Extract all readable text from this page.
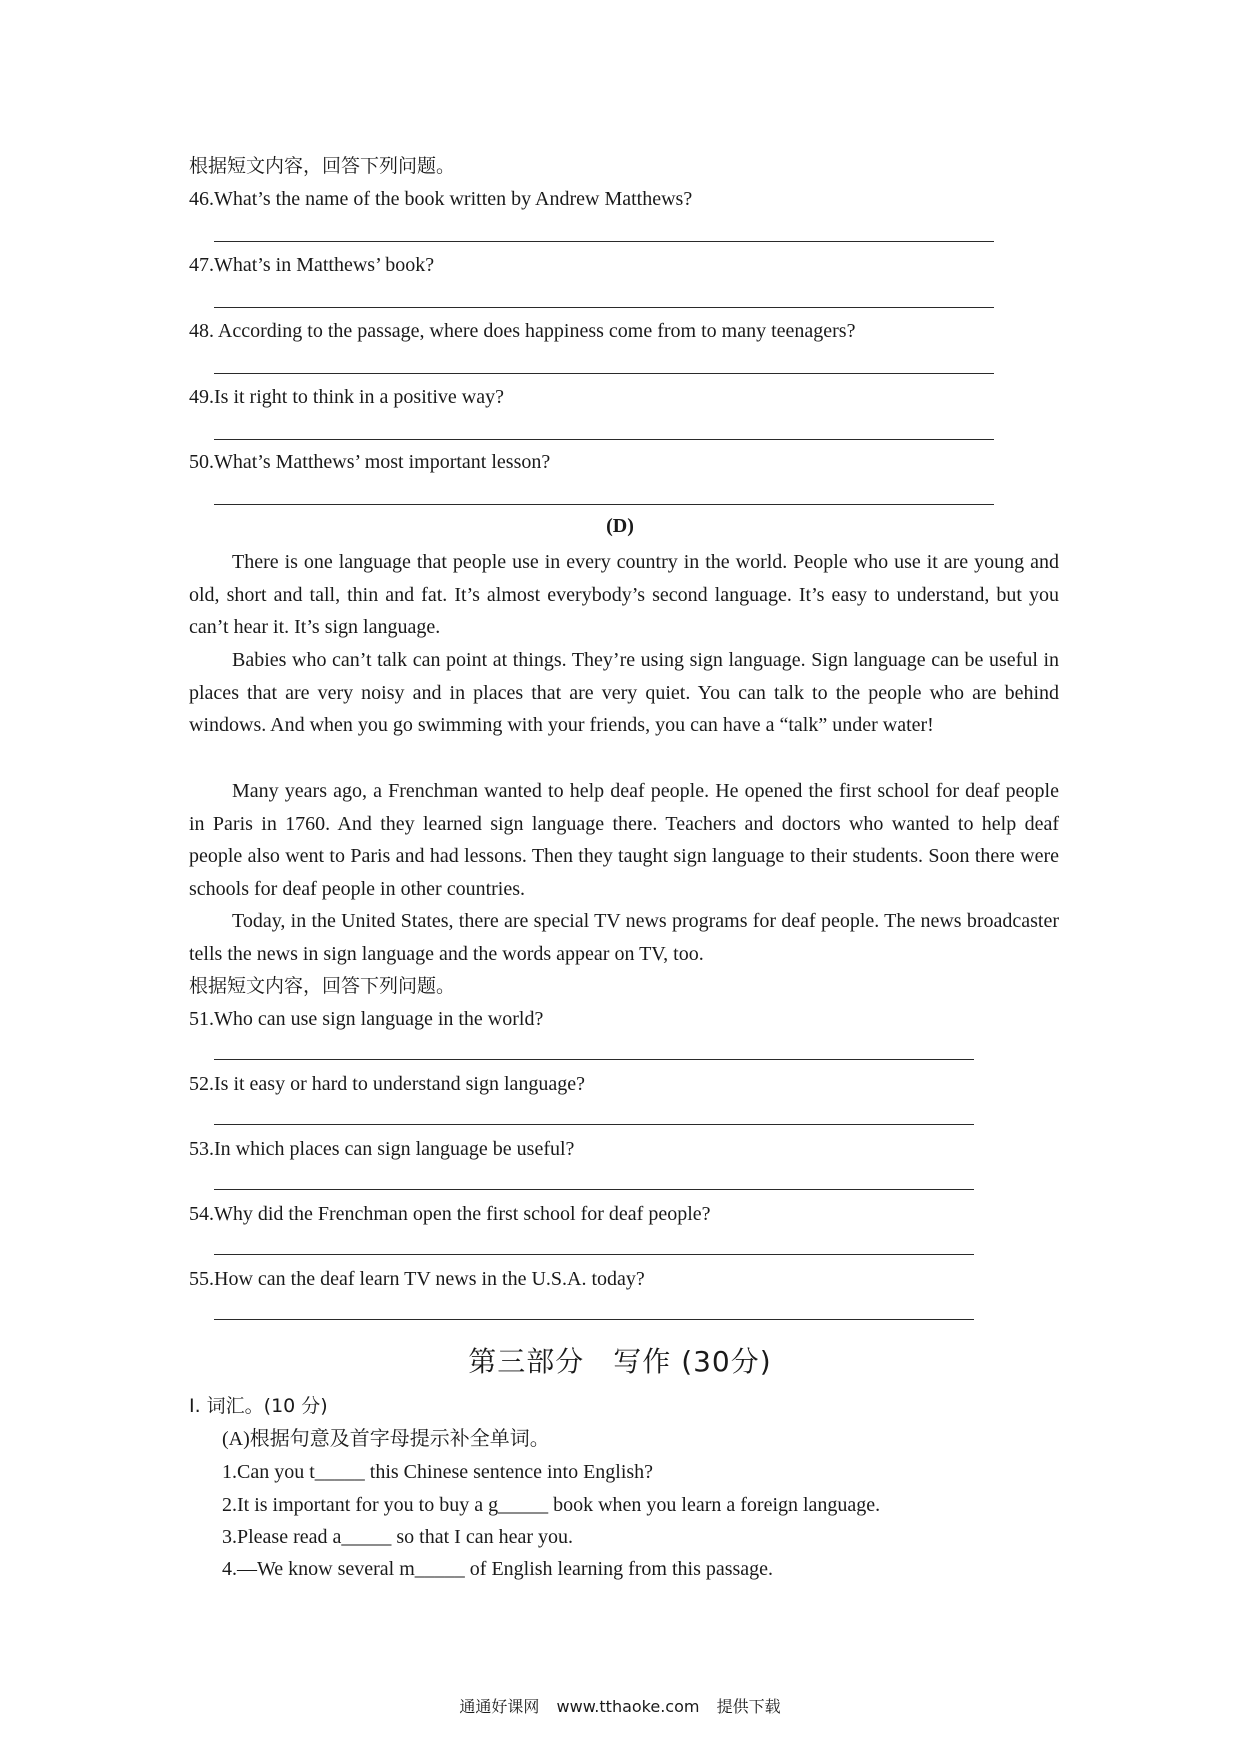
根据短文内容，回答下列问题。
46.What’s the name of the book written by Andrew Matthews?
47.What’s in Matthews’ book?
48. According to the passage, where does happiness come from to many teenagers?
49.Is it right to think in a positive way?
50.What’s Matthews’ most important lesson?
(D)
There is one language that people use in every country in the world. People who use it are young and old, short and tall, thin and fat. It’s almost everybody’s second language. It’s easy to understand, but you can’t hear it. It’s sign language.
Babies who can’t talk can point at things. They’re using sign language. Sign language can be useful in places that are very noisy and in places that are very quiet. You can talk to the people who are behind windows. And when you go swimming with your friends, you can have a “talk” under water!
Many years ago, a Frenchman wanted to help deaf people. He opened the first school for deaf people in Paris in 1760. And they learned sign language there. Teachers and doctors who wanted to help deaf people also went to Paris and had lessons. Then they taught sign language to their students. Soon there were schools for deaf people in other countries.
Today, in the United States, there are special TV news programs for deaf people. The news broadcaster tells the news in sign language and the words appear on TV, too.
根据短文内容，回答下列问题。
51.Who can use sign language in the world?
52.Is it easy or hard to understand sign language?
53.In which places can sign language be useful?
54.Why did the Frenchman open the first school for deaf people?
55.How can the deaf learn TV news in the U.S.A. today?
第三部分　写作 (30分)
Ⅰ. 词汇。(10 分)
(A)根据句意及首字母提示补全单词。
1.Can you t_____ this Chinese sentence into English?
2.It is important for you to buy a g_____ book when you learn a foreign language.
3.Please read a_____ so that I can hear you.
4.—We know several m_____ of English learning from this passage.
通通好课网 www.tthaoke.com 提供下载
